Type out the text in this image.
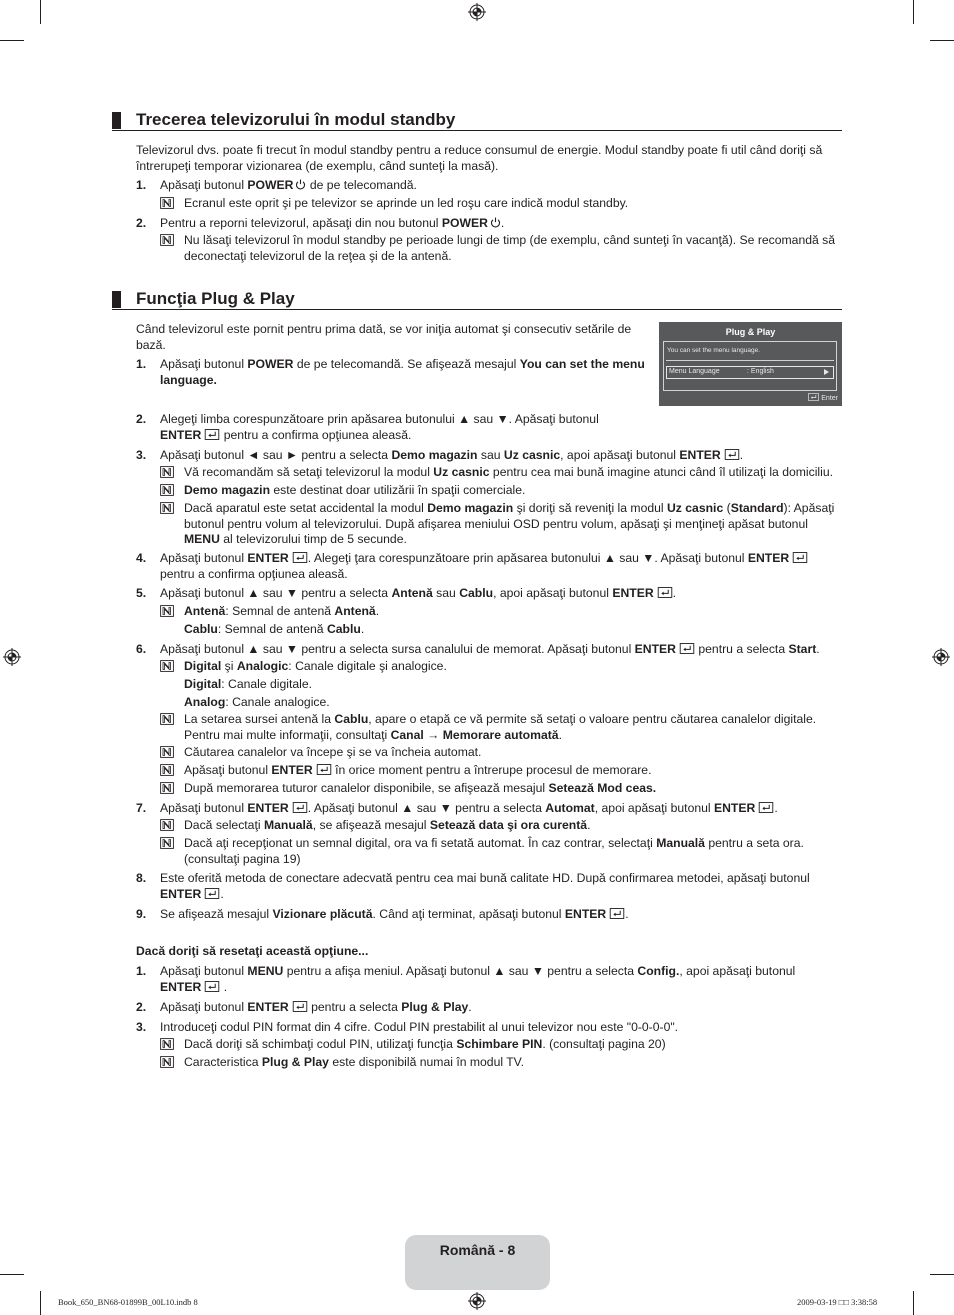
Trecerea televizorului în modul standby
Televizorul dvs. poate fi trecut în modul standby pentru a reduce consumul de energie. Modul standby poate fi util când doriţi să întrerupeţi temporar vizionarea (de exemplu, când sunteţi la masă).
1.	Apăsaţi butonul POWER de pe telecomandă.
Ecranul este oprit şi pe televizor se aprinde un led roşu care indică modul standby.
2.	Pentru a reporni televizorul, apăsaţi din nou butonul POWER .
Nu lăsaţi televizorul în modul standby pe perioade lungi de timp (de exemplu, când sunteţi în vacanţă). Se recomandă să deconectaţi televizorul de la reţea şi de la antenă.
Funcţia Plug & Play
Când televizorul este pornit pentru prima dată, se vor iniţia automat şi consecutiv setările de bază.
Plug & Play
You can set the menu language.
Menu Language	: English
Enter
1.	Apăsaţi butonul POWER de pe telecomandă. Se afişează mesajul You can set the menu language.
2.	Alegeţi limba corespunzătoare prin apăsarea butonului ▲ sau ▼. Apăsaţi butonul ENTER pentru a confirma opţiunea aleasă.
3.	Apăsaţi butonul ◄ sau ► pentru a selecta Demo magazin sau Uz casnic, apoi apăsaţi butonul ENTER .
Vă recomandăm să setaţi televizorul la modul Uz casnic pentru cea mai bună imagine atunci când îl utilizaţi la domiciliu.
Demo magazin este destinat doar utilizării în spaţii comerciale.
Dacă aparatul este setat accidental la modul Demo magazin şi doriţi să reveniţi la modul Uz casnic (Standard): Apăsaţi butonul pentru volum al televizorului. După afişarea meniului OSD pentru volum, apăsaţi şi menţineţi apăsat butonul MENU al televizorului timp de 5 secunde.
4.	Apăsaţi butonul ENTER . Alegeţi ţara corespunzătoare prin apăsarea butonului ▲ sau ▼. Apăsaţi butonul ENTER pentru a confirma opţiunea aleasă.
5.	Apăsaţi butonul ▲ sau ▼ pentru a selecta Antenă sau Cablu, apoi apăsaţi butonul ENTER .
Antenă: Semnal de antenă Antenă.
Cablu: Semnal de antenă Cablu.
6.	Apăsaţi butonul ▲ sau ▼ pentru a selecta sursa canalului de memorat. Apăsaţi butonul ENTER pentru a selecta Start.
Digital şi Analogic: Canale digitale şi analogice.
Digital: Canale digitale.
Analog: Canale analogice.
La setarea sursei antenă la Cablu, apare o etapă ce vă permite să setaţi o valoare pentru căutarea canalelor digitale. Pentru mai multe informaţii, consultaţi Canal → Memorare automată.
Căutarea canalelor va începe şi se va încheia automat.
Apăsaţi butonul ENTER în orice moment pentru a întrerupe procesul de memorare.
După memorarea tuturor canalelor disponibile, se afişează mesajul Setează Mod ceas.
7.	Apăsaţi butonul ENTER . Apăsaţi butonul ▲ sau ▼ pentru a selecta Automat, apoi apăsaţi butonul ENTER .
Dacă selectaţi Manuală, se afişează mesajul Setează data şi ora curentă.
Dacă aţi recepţionat un semnal digital, ora va fi setată automat. În caz contrar, selectaţi Manuală pentru a seta ora. (consultaţi pagina 19)
8.	Este oferită metoda de conectare adecvată pentru cea mai bună calitate HD. După confirmarea metodei, apăsaţi butonul ENTER .
9.	Se afişează mesajul Vizionare plăcută. Când aţi terminat, apăsaţi butonul ENTER .
Dacă doriţi să resetaţi această opţiune...
1.	Apăsaţi butonul MENU pentru a afişa meniul. Apăsaţi butonul ▲ sau ▼ pentru a selecta Config., apoi apăsaţi butonul ENTER .
2.	Apăsaţi butonul ENTER pentru a selecta Plug & Play.
3.	Introduceţi codul PIN format din 4 cifre. Codul PIN prestabilit al unui televizor nou este "0-0-0-0".
Dacă doriţi să schimbaţi codul PIN, utilizaţi funcţia Schimbare PIN. (consultaţi pagina 20)
Caracteristica Plug & Play este disponibilă numai în modul TV.
Română - 8
Book_650_BN68-01899B_00L10.indb 8	2009-03-19 □□ 3:38:58
